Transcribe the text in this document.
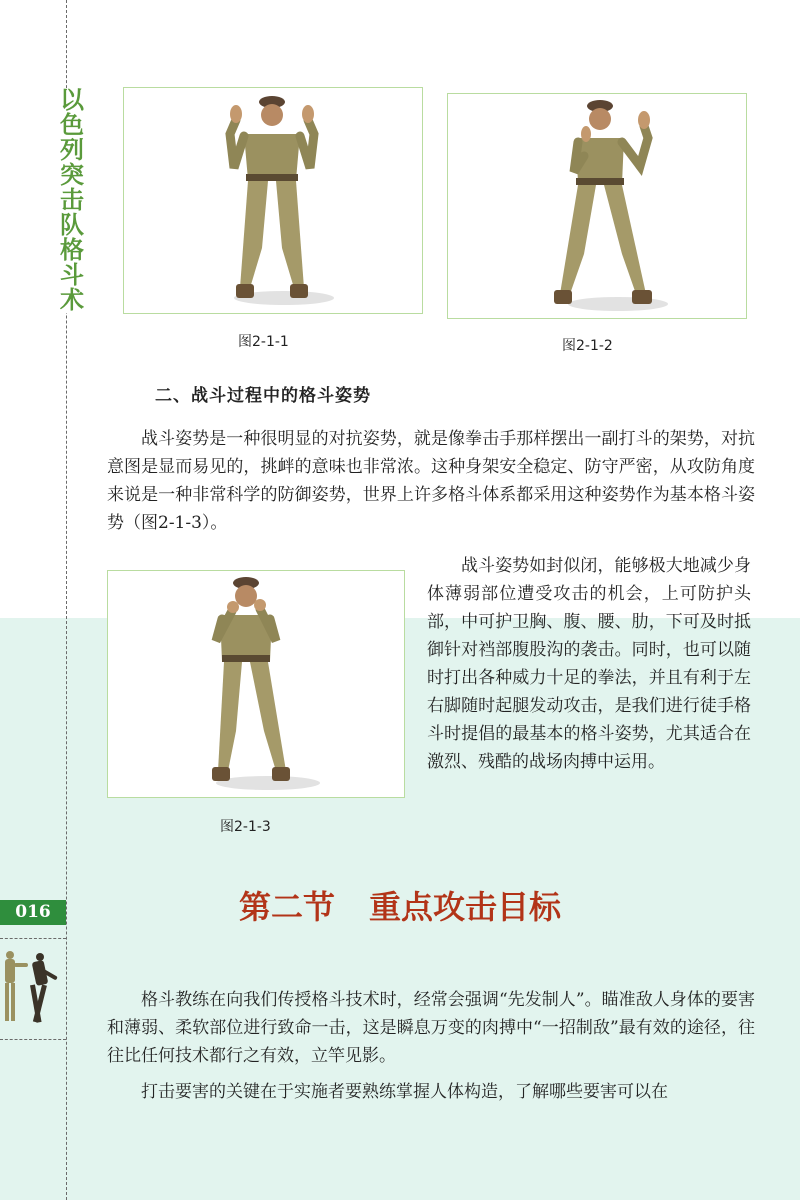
以色列突击队格斗术
016
图2-1-1	图2-1-2
二、战斗过程中的格斗姿势

战斗姿势是一种很明显的对抗姿势，就是像拳击手那样摆出一副打斗的架势，对抗意图是显而易见的，挑衅的意味也非常浓。这种身架安全稳定、防守严密，从攻防角度来说是一种非常科学的防御姿势，世界上许多格斗体系都采用这种姿势作为基本格斗姿势（图2-1-3）。

图2-1-3

战斗姿势如封似闭，能够极大地减少身体薄弱部位遭受攻击的机会，上可防护头部，中可护卫胸、腹、腰、肋，下可及时抵御针对裆部腹股沟的袭击。同时，也可以随时打出各种威力十足的拳法，并且有利于左右脚随时起腿发动攻击，是我们进行徒手格斗时提倡的最基本的格斗姿势，尤其适合在激烈、残酷的战场肉搏中运用。

第二节 重点攻击目标

格斗教练在向我们传授格斗技术时，经常会强调“先发制人”。瞄准敌人身体的要害和薄弱、柔软部位进行致命一击，这是瞬息万变的肉搏中“一招制敌”最有效的途径，往往比任何技术都行之有效，立竿见影。

打击要害的关键在于实施者要熟练掌握人体构造，了解哪些要害可以在
